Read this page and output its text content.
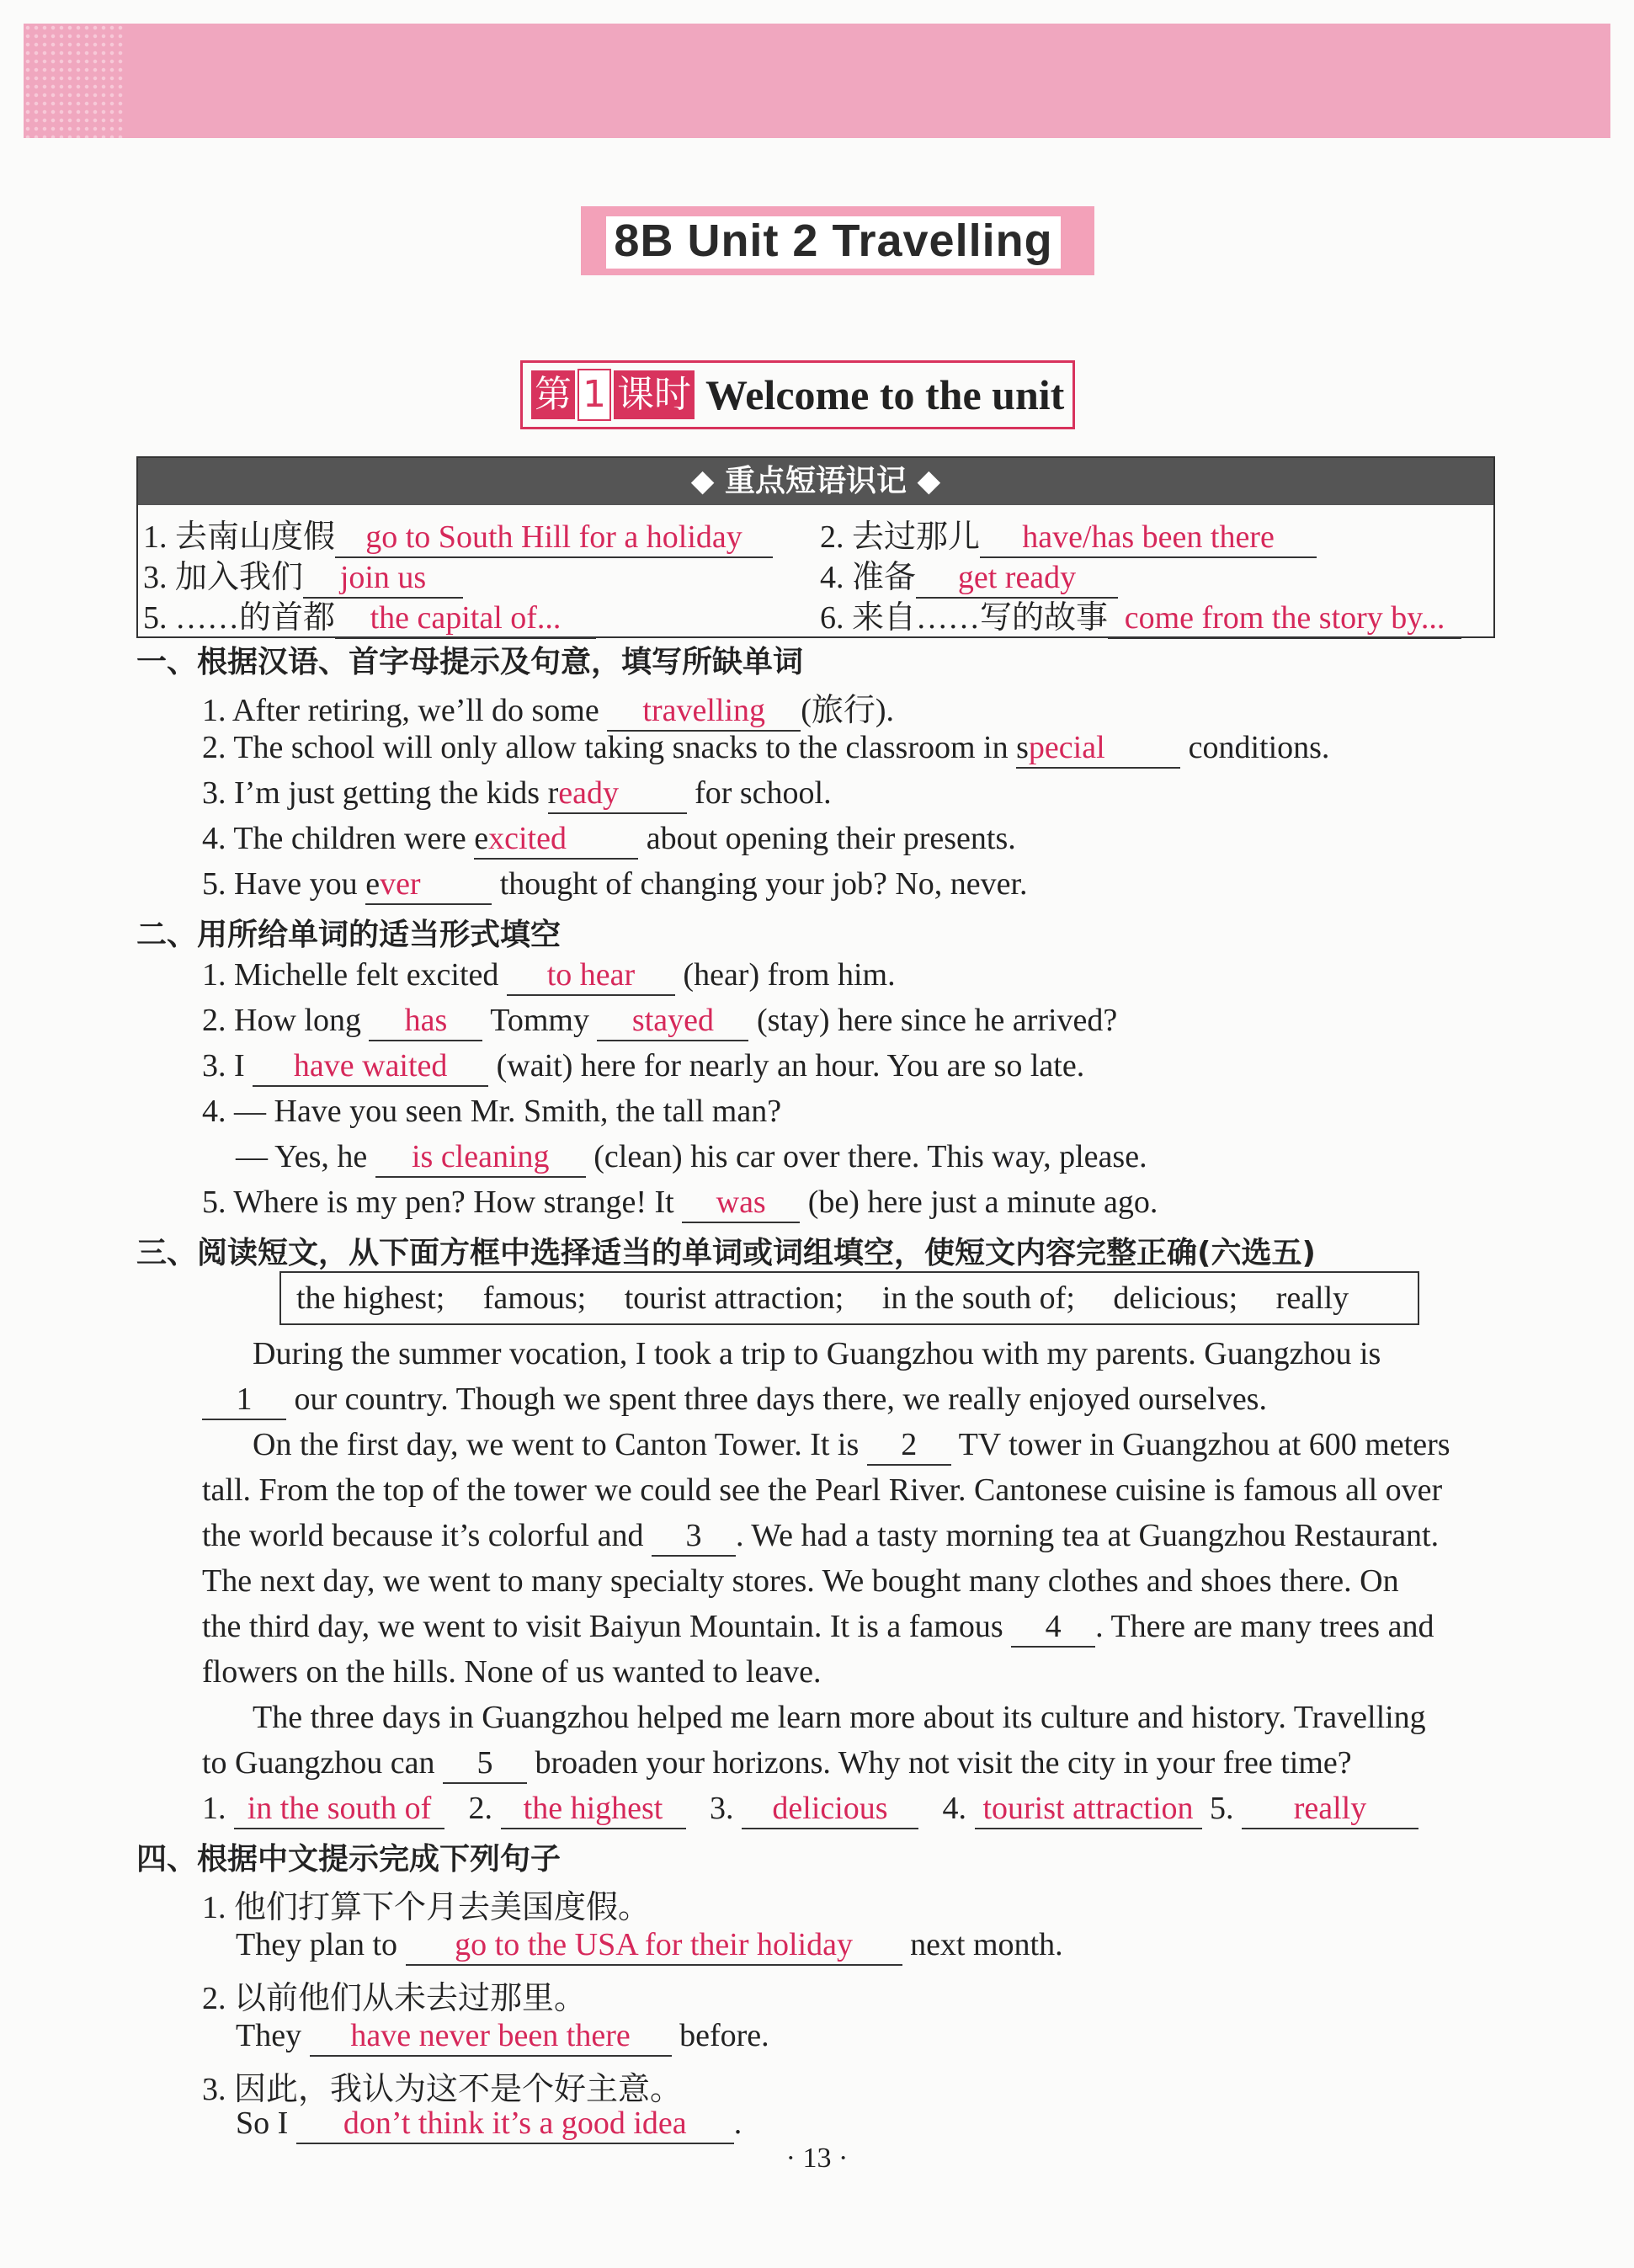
8B Unit 2 Travelling
第 1 课时 Welcome to the unit
◆ 重点短语识记 ◆
1. 去南山度假 go to South Hill for a holiday	2. 去过那儿 have/has been there
3. 加入我们 join us	4. 准备 get ready
5. ……的首都 the capital of...	6. 来自……写的故事 come from the story by...
一、根据汉语、首字母提示及句意，填写所缺单词
1. After retiring, we’ll do some travelling (旅行).
2. The school will only allow taking snacks to the classroom in special conditions.
3. I’m just getting the kids ready for school.
4. The children were excited about opening their presents.
5. Have you ever thought of changing your job? No, never.
二、用所给单词的适当形式填空
1. Michelle felt excited to hear (hear) from him.
2. How long has Tommy stayed (stay) here since he arrived?
3. I have waited (wait) here for nearly an hour. You are so late.
4. — Have you seen Mr. Smith, the tall man?
— Yes, he is cleaning (clean) his car over there. This way, please.
5. Where is my pen? How strange! It was (be) here just a minute ago.
三、阅读短文，从下面方框中选择适当的单词或词组填空，使短文内容完整正确(六选五)
the highest; famous; tourist attraction; in the south of; delicious; really
During the summer vocation, I took a trip to Guangzhou with my parents. Guangzhou is
1 our country. Though we spent three days there, we really enjoyed ourselves.
On the first day, we went to Canton Tower. It is 2 TV tower in Guangzhou at 600 meters
tall. From the top of the tower we could see the Pearl River. Cantonese cuisine is famous all over
the world because it’s colorful and 3 . We had a tasty morning tea at Guangzhou Restaurant.
The next day, we went to many specialty stores. We bought many clothes and shoes there. On
the third day, we went to visit Baiyun Mountain. It is a famous 4 . There are many trees and
flowers on the hills. None of us wanted to leave.
The three days in Guangzhou helped me learn more about its culture and history. Travelling
to Guangzhou can 5 broaden your horizons. Why not visit the city in your free time?
1. in the south of 2. the highest 3. delicious 4. tourist attraction 5. really
四、根据中文提示完成下列句子
1. 他们打算下个月去美国度假。
They plan to go to the USA for their holiday next month.
2. 以前他们从未去过那里。
They have never been there before.
3. 因此，我认为这不是个好主意。
So I don’t think it’s a good idea .
· 13 ·
